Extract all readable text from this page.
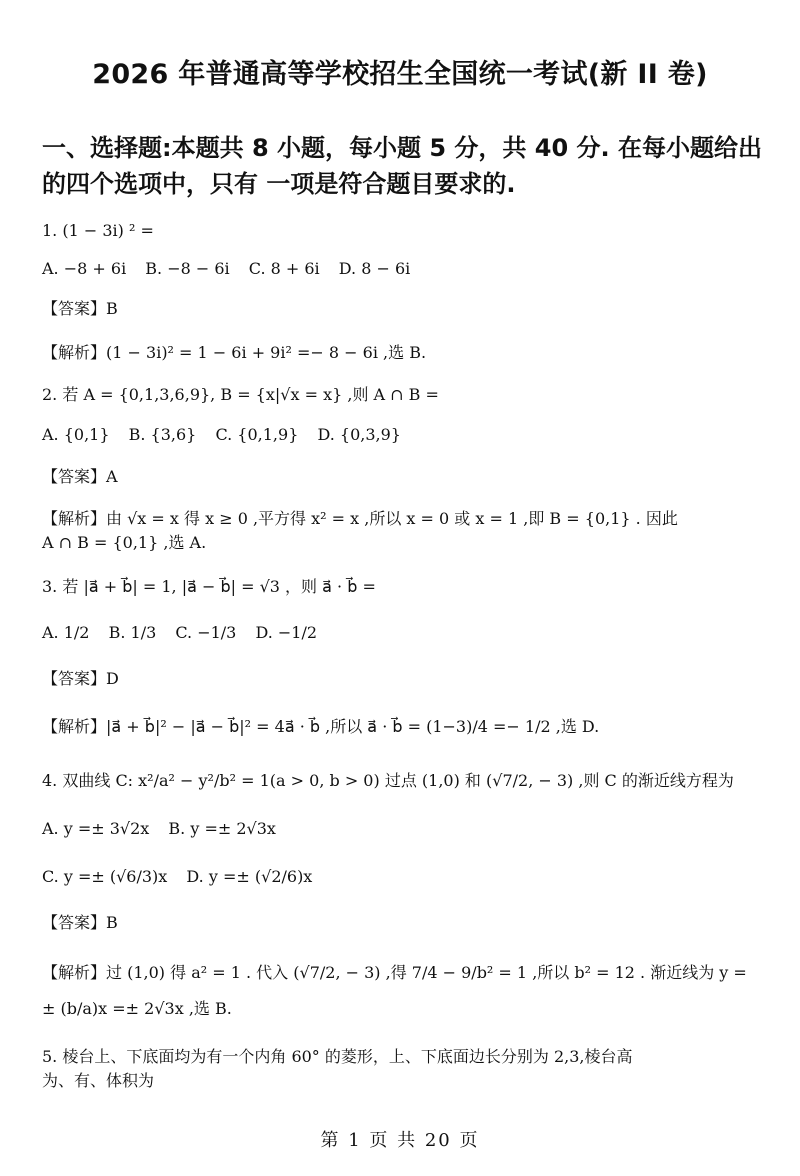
2026 年普通高等学校招生全国统一考试(新 II 卷)
一、选择题:本题共 8 小题，每小题 5 分，共 40 分. 在每小题给出的四个选项中，只有 一项是符合题目要求的.
1. (1 − 3i) ² =
A. −8 + 6i B. −8 − 6i C. 8 + 6i D. 8 − 6i
【答案】B
【解析】(1 − 3i)² = 1 − 6i + 9i² =− 8 − 6i ,选 B.
2. 若 A = {0,1,3,6,9}, B = {x|√x = x} ,则 A ∩ B =
A. {0,1} B. {3,6} C. {0,1,9} D. {0,3,9}
【答案】A
【解析】由 √x = x 得 x ≥ 0 ,平方得 x² = x ,所以 x = 0 或 x = 1 ,即 B = {0,1} . 因此
A ∩ B = {0,1} ,选 A.
3. 若 |a⃗ + b⃗| = 1, |a⃗ − b⃗| = √3 ，则 a⃗ · b⃗ =
A. 1/2 B. 1/3 C. −1/3 D. −1/2
【答案】D
【解析】|a⃗ + b⃗|² − |a⃗ − b⃗|² = 4a⃗ · b⃗ ,所以 a⃗ · b⃗ = (1−3)/4 =− 1/2 ,选 D.
4. 双曲线 C: x²/a² − y²/b² = 1(a > 0, b > 0) 过点 (1,0) 和 (√7/2, − 3) ,则 C 的渐近线方程为
A. y =± 3√2x B. y =± 2√3x
C. y =± (√6/3)x D. y =± (√2/6)x
【答案】B
【解析】过 (1,0) 得 a² = 1 . 代入 (√7/2, − 3) ,得 7/4 − 9/b² = 1 ,所以 b² = 12 . 渐近线为 y =
± (b/a)x =± 2√3x ,选 B.
5. 棱台上、下底面均为有一个内角 60° 的菱形，上、下底面边长分别为 2,3,棱台高
为、有、体积为
第 1 页 共 20 页
